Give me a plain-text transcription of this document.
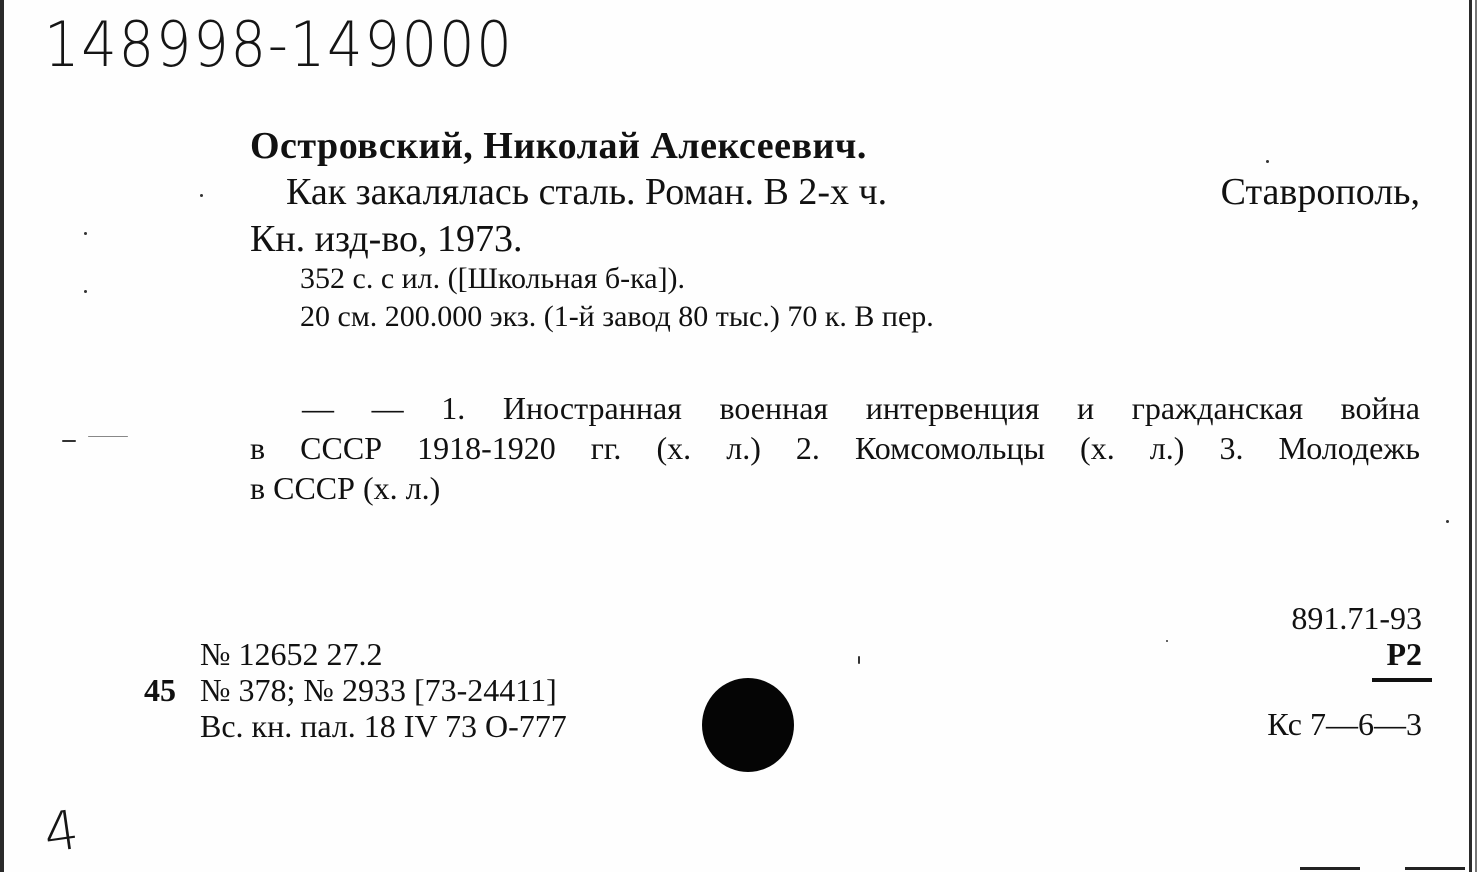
148998-149000
Островский, Николай Алексеевич.
Как закалялась сталь. Роман. В 2-х ч.	Ставрополь,
Кн. изд-во, 1973.
352 с. с ил. ([Школьная б-ка]).
20 см. 200.000 экз. (1-й завод 80 тыс.) 70 к. В пер.
— — 1. Иностранная военная интервенция и гражданская война
в СССР 1918-1920 гг. (х. л.) 2. Комсомольцы (х. л.) 3. Молодежь
в СССР (х. л.)
891.71-93
Р2
Кс 7—6—3
№ 12652 27.2
45 № 378; № 2933 [73-24411]
Вс. кн. пал. 18 IV 73 О-777
4
